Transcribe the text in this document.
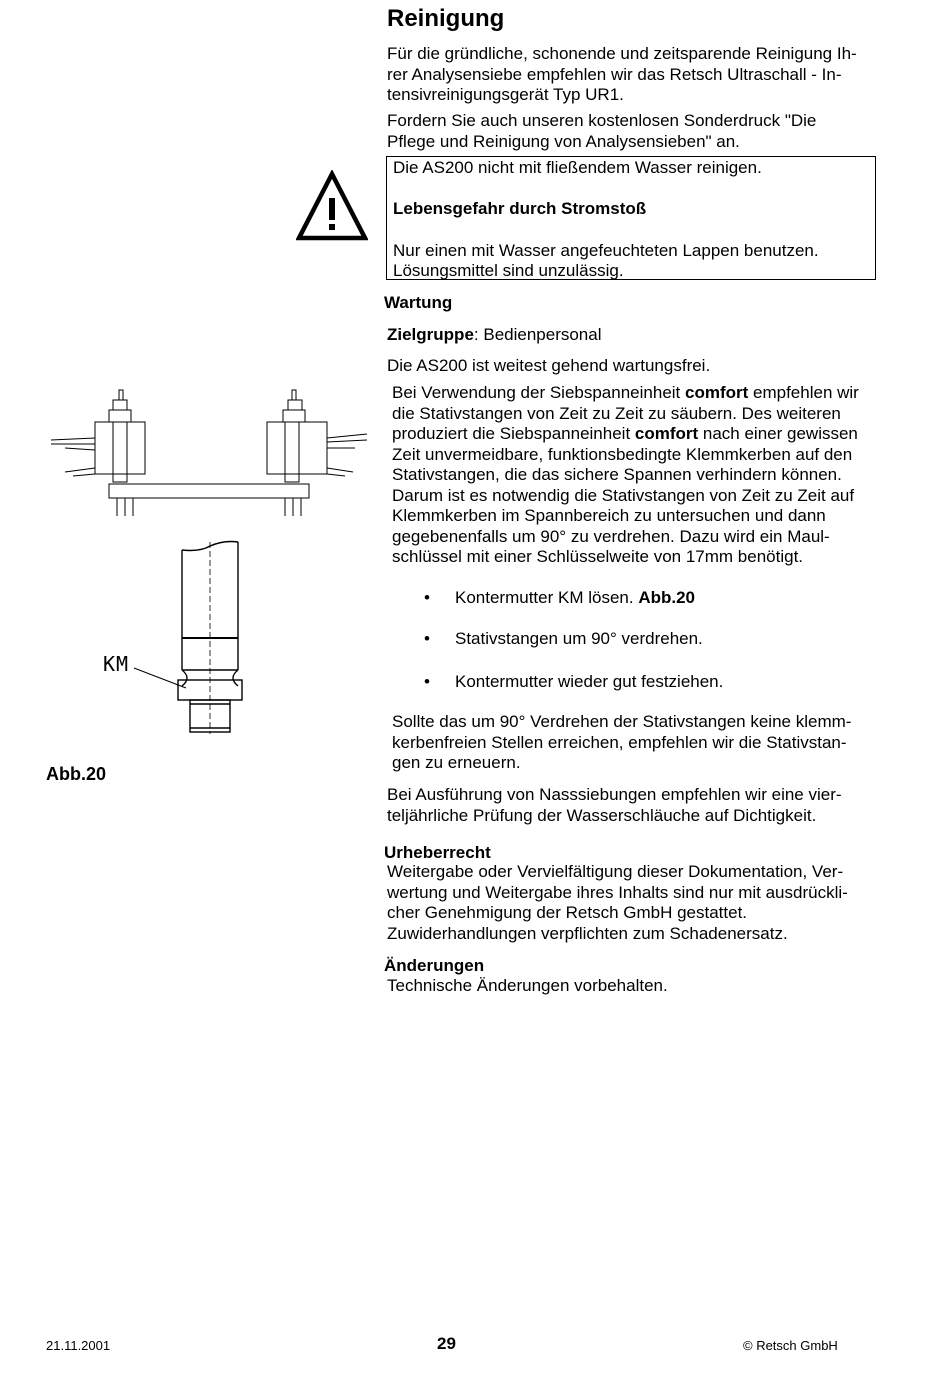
Reinigung

Für die gründliche, schonende und zeitsparende Reinigung Ih-

rer Analysensiebe empfehlen wir das Retsch Ultraschall - In-

tensivreinigungsgerät Typ UR1.

Fordern Sie auch unseren kostenlosen Sonderdruck "Die

Pflege und Reinigung von Analysensieben" an.

Die AS200 nicht mit fließendem Wasser reinigen.
Lebensgefahr durch Stromstoß
Nur einen mit Wasser angefeuchteten Lappen benutzen.
Lösungsmittel sind unzulässig.
Wartung
Zielgruppe: Bedienpersonal
Die AS200 ist weitest gehend wartungsfrei.

Bei Verwendung der Siebspanneinheit comfort empfehlen wir

die Stativstangen von Zeit zu Zeit zu säubern. Des weiteren

produziert die Siebspanneinheit comfort nach einer gewissen

Zeit unvermeidbare, funktionsbedingte Klemmkerben auf den

Stativstangen, die das sichere Spannen verhindern können.

Darum ist es notwendig die Stativstangen von Zeit zu Zeit auf

Klemmkerben im Spannbereich zu untersuchen und dann

gegebenenfalls um 90° zu verdrehen. Dazu wird ein Maul-

schlüssel mit einer Schlüsselweite von 17mm benötigt.

• Kontermutter KM lösen. Abb.20
• Stativstangen um 90° verdrehen.
• Kontermutter wieder gut festziehen.

Sollte das um 90° Verdrehen der Stativstangen keine klemm-

kerbenfreien Stellen erreichen, empfehlen wir die Stativstan-

gen zu erneuern.

Bei Ausführung von Nasssiebungen empfehlen wir eine vier-

teljährliche Prüfung der Wasserschläuche auf Dichtigkeit.

Urheberrecht

Weitergabe oder Vervielfältigung dieser Dokumentation, Ver-

wertung und Weitergabe ihres Inhalts sind nur mit ausdrückli-

cher Genehmigung der Retsch GmbH gestattet.

Zuwiderhandlungen verpflichten zum Schadenersatz.

Änderungen
Technische Änderungen vorbehalten.
KM
Abb.20
21.11.2001	29	© Retsch GmbH
